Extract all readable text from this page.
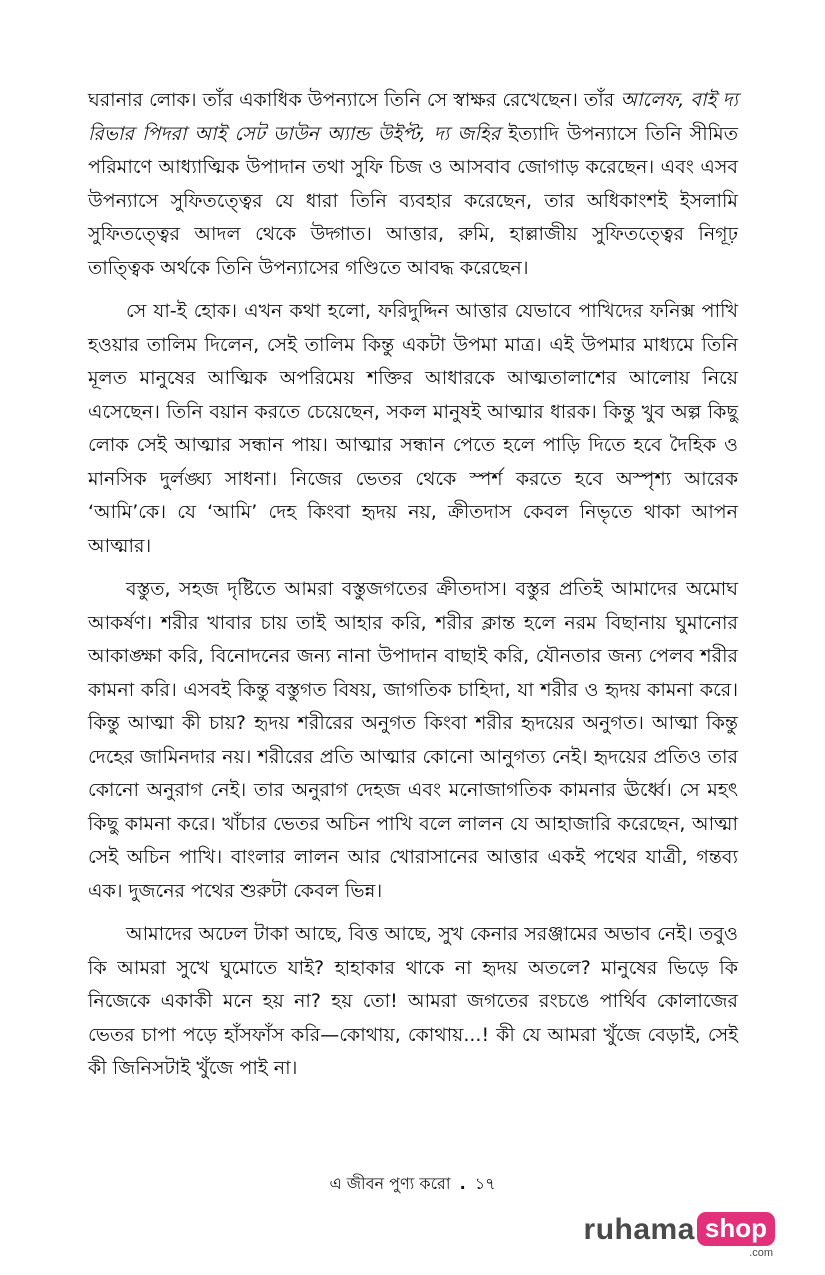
ঘরানার লোক। তাঁর একাধিক উপন্যাসে তিনি সে স্বাক্ষর রেখেছেন। তাঁর আলেফ, বাই দ্য রিভার পিদরা আই সেট ডাউন অ্যান্ড উইপ্ট, দ্য জহির ইত্যাদি উপন্যাসে তিনি সীমিত পরিমাণে আধ্যাত্মিক উপাদান তথা সুফি চিজ ও আসবাব জোগাড় করেছেন। এবং এসব উপন্যাসে সুফিতত্ত্বের যে ধারা তিনি ব্যবহার করেছেন, তার অধিকাংশই ইসলামি সুফিতত্ত্বের আদল থেকে উদ্গাত। আত্তার, রুমি, হাল্লাজীয় সুফিতত্ত্বের নিগূঢ় তাত্ত্বিক অর্থকে তিনি উপন্যাসের গণ্ডিতে আবদ্ধ করেছেন।

সে যা-ই হোক। এখন কথা হলো, ফরিদুদ্দিন আত্তার যেভাবে পাখিদের ফনিক্স পাখি হওয়ার তালিম দিলেন, সেই তালিম কিন্তু একটা উপমা মাত্র। এই উপমার মাধ্যমে তিনি মূলত মানুষের আত্মিক অপরিমেয় শক্তির আধারকে আত্মতালাশের আলোয় নিয়ে এসেছেন। তিনি বয়ান করতে চেয়েছেন, সকল মানুষই আত্মার ধারক। কিন্তু খুব অল্প কিছু লোক সেই আত্মার সন্ধান পায়। আত্মার সন্ধান পেতে হলে পাড়ি দিতে হবে দৈহিক ও মানসিক দুর্লঙ্ঘ্য সাধনা। নিজের ভেতর থেকে স্পর্শ করতে হবে অস্পৃশ্য আরেক ‘আমি’কে। যে ‘আমি’ দেহ কিংবা হৃদয় নয়, ক্রীতদাস কেবল নিভৃতে থাকা আপন আত্মার।

বস্তুত, সহজ দৃষ্টিতে আমরা বস্তুজগতের ক্রীতদাস। বস্তুর প্রতিই আমাদের অমোঘ আকর্ষণ। শরীর খাবার চায় তাই আহার করি, শরীর ক্লান্ত হলে নরম বিছানায় ঘুমানোর আকাঙ্ক্ষা করি, বিনোদনের জন্য নানা উপাদান বাছাই করি, যৌনতার জন্য পেলব শরীর কামনা করি। এসবই কিন্তু বস্তুগত বিষয়, জাগতিক চাহিদা, যা শরীর ও হৃদয় কামনা করে। কিন্তু আত্মা কী চায়? হৃদয় শরীরের অনুগত কিংবা শরীর হৃদয়ের অনুগত। আত্মা কিন্তু দেহের জামিনদার নয়। শরীরের প্রতি আত্মার কোনো আনুগত্য নেই। হৃদয়ের প্রতিও তার কোনো অনুরাগ নেই। তার অনুরাগ দেহজ এবং মনোজাগতিক কামনার ঊর্ধ্বে। সে মহৎ কিছু কামনা করে। খাঁচার ভেতর অচিন পাখি বলে লালন যে আহাজারি করেছেন, আত্মা সেই অচিন পাখি। বাংলার লালন আর খোরাসানের আত্তার একই পথের যাত্রী, গন্তব্য এক। দুজনের পথের শুরুটা কেবল ভিন্ন।

আমাদের অঢেল টাকা আছে, বিত্ত আছে, সুখ কেনার সরঞ্জামের অভাব নেই। তবুও কি আমরা সুখে ঘুমোতে যাই? হাহাকার থাকে না হৃদয় অতলে? মানুষের ভিড়ে কি নিজেকে একাকী মনে হয় না? হয় তো! আমরা জগতের রংচঙে পার্থিব কোলাজের ভেতর চাপা পড়ে হাঁসফাঁস করি—কোথায়, কোথায়...! কী যে আমরা খুঁজে বেড়াই, সেই কী জিনিসটাই খুঁজে পাই না।

এ জীবন পুণ্য করো . ১৭
ruhama shop
.com
